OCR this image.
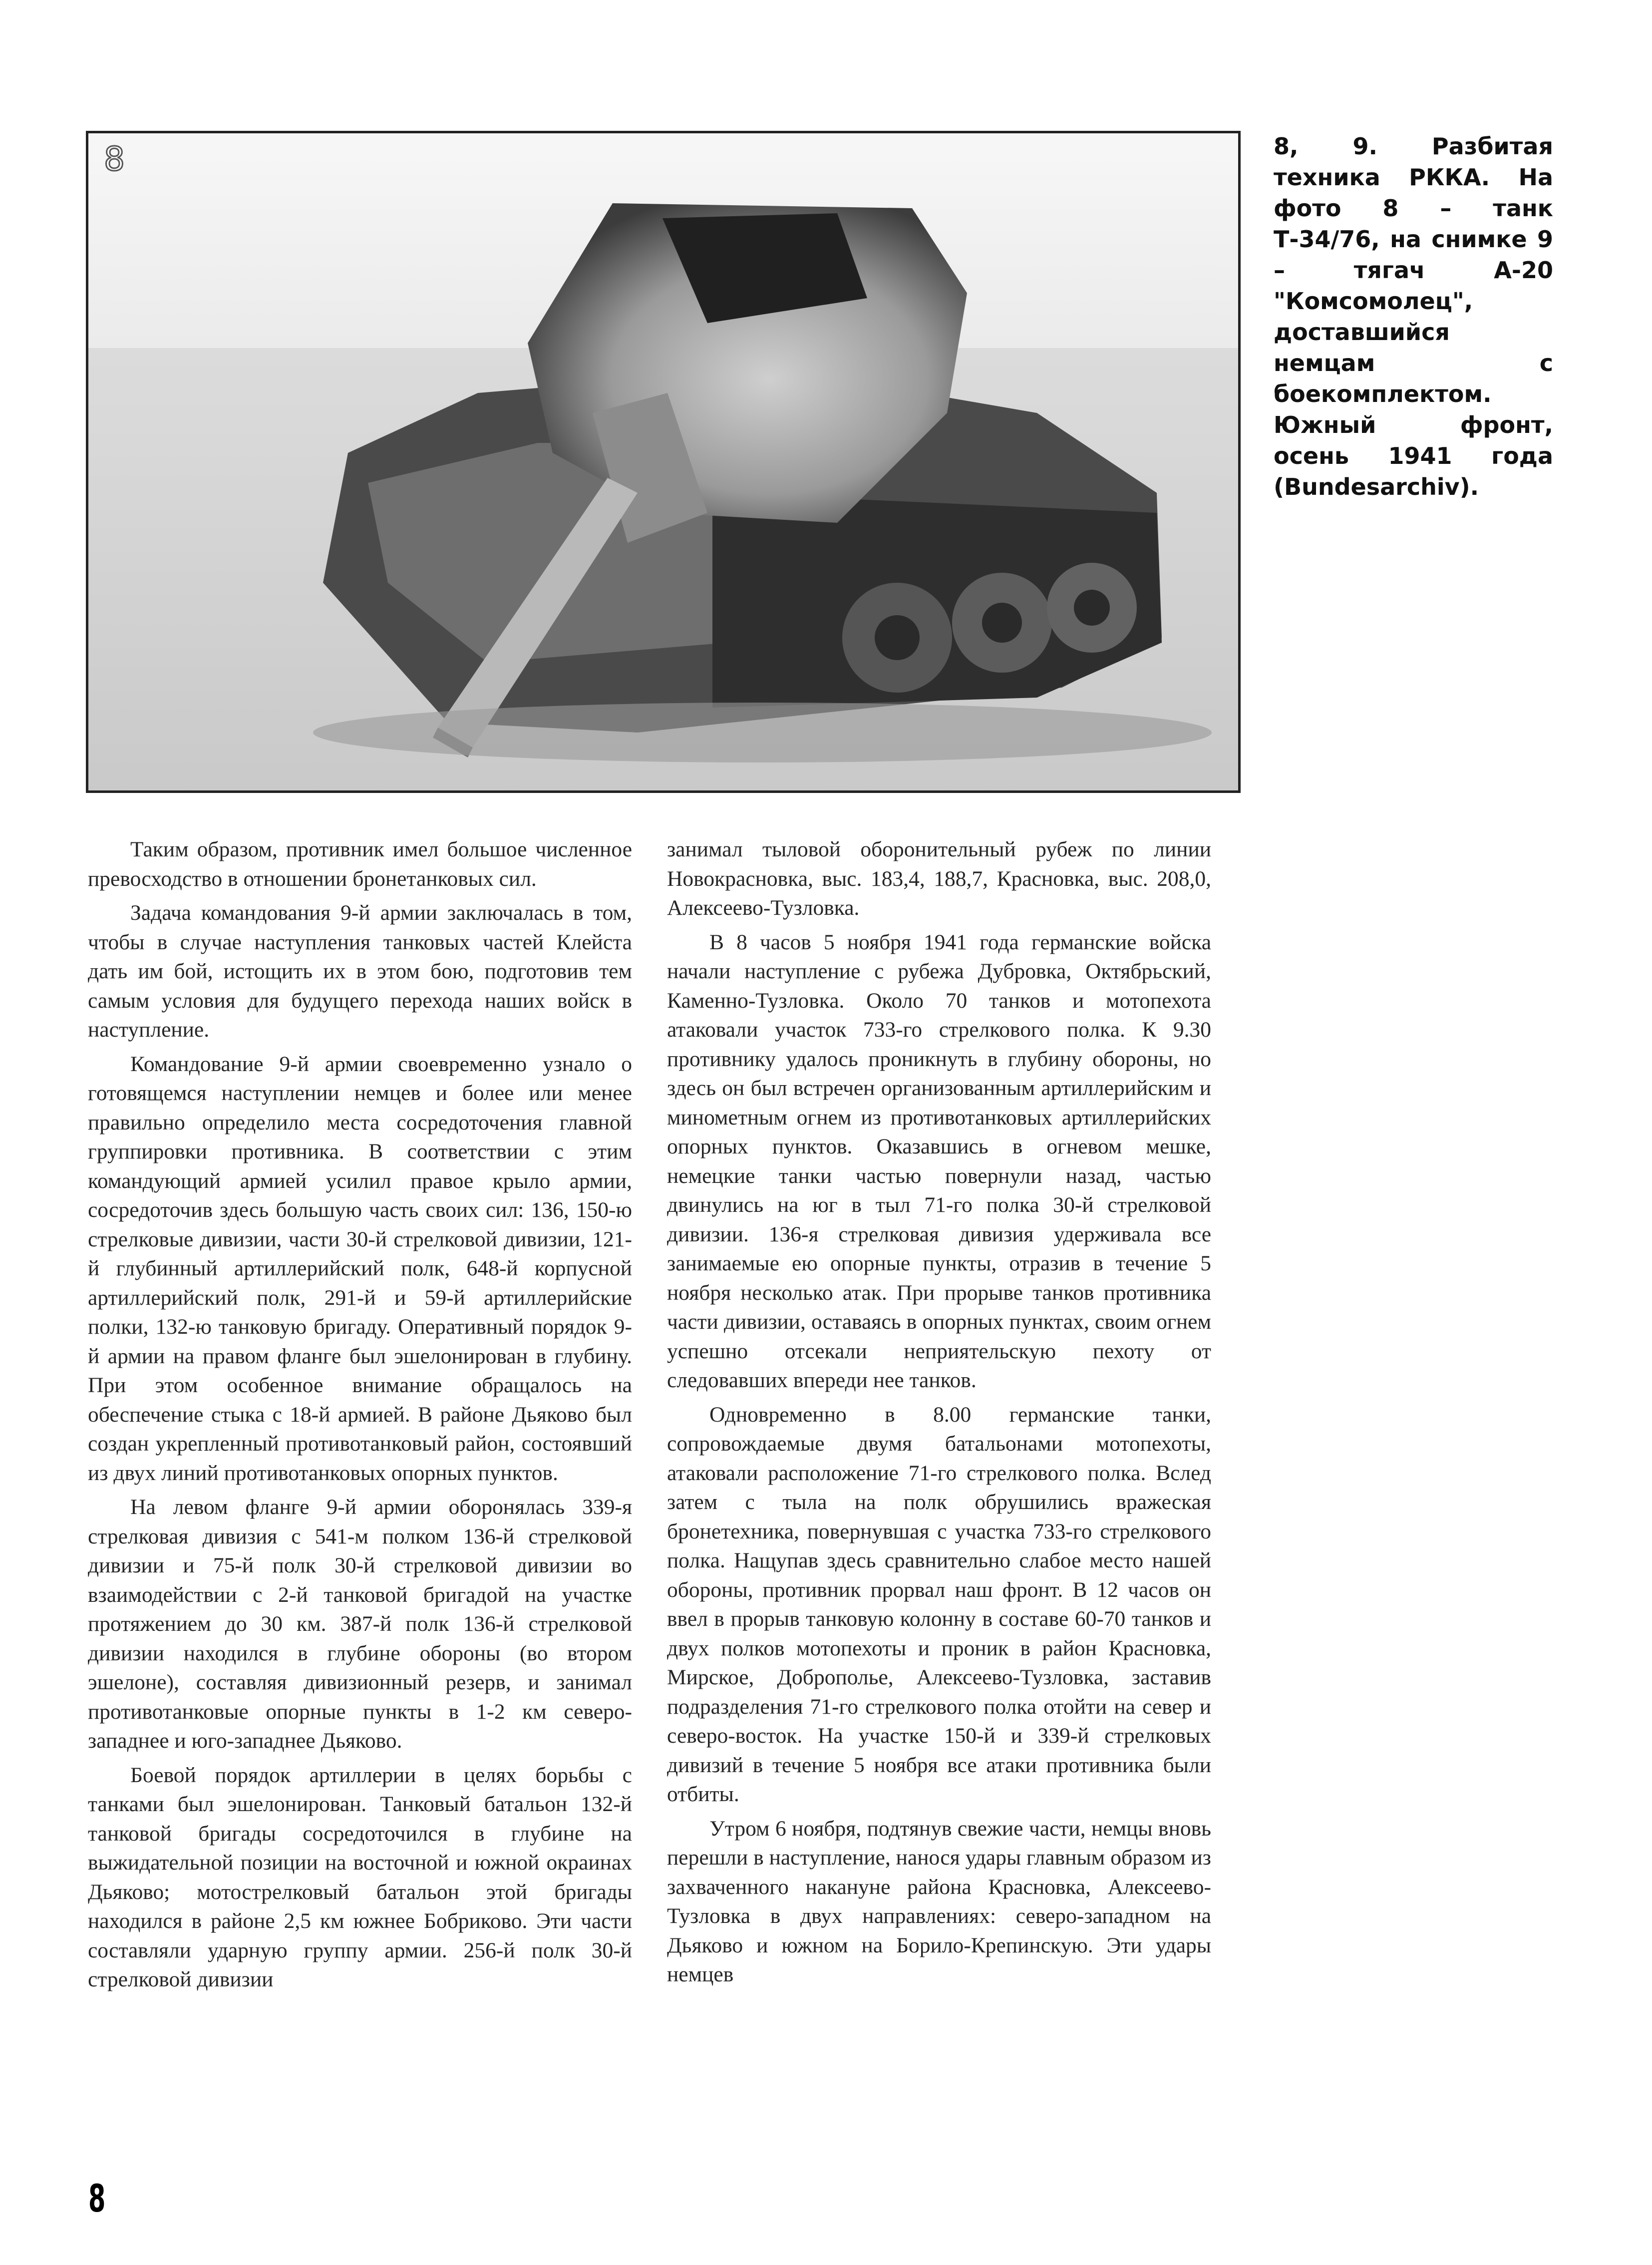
8	8, 9. Разбитая техника РККА. На фото 8 – танк Т-34/76, на снимке 9 – тягач А-20 "Комсомолец", доставшийся немцам с боекомплектом. Южный фронт, осень 1941 года (Bundesarchiv).

Таким образом, противник имел большое численное превосходство в отношении бронетанковых сил.

Задача командования 9-й армии заключалась в том, чтобы в случае наступления танковых частей Клейста дать им бой, истощить их в этом бою, подготовив тем самым условия для будущего перехода наших войск в наступление.

Командование 9-й армии своевременно узнало о готовящемся наступлении немцев и более или менее правильно определило места сосредоточения главной группировки противника. В соответствии с этим командующий армией усилил правое крыло армии, сосредоточив здесь большую часть своих сил: 136, 150-ю стрелковые дивизии, части 30-й стрелковой дивизии, 121-й глубинный артиллерийский полк, 648-й корпусной артиллерийский полк, 291-й и 59-й артиллерийские полки, 132-ю танковую бригаду. Оперативный порядок 9-й армии на правом фланге был эшелонирован в глубину. При этом особенное внимание обращалось на обеспечение стыка с 18-й армией. В районе Дьяково был создан укрепленный противотанковый район, состоявший из двух линий противотанковых опорных пунктов.

На левом фланге 9-й армии оборонялась 339-я стрелковая дивизия с 541-м полком 136-й стрелковой дивизии и 75-й полк 30-й стрелковой дивизии во взаимодействии с 2-й танковой бригадой на участке протяжением до 30 км. 387-й полк 136-й стрелковой дивизии находился в глубине обороны (во втором эшелоне), составляя дивизионный резерв, и занимал противотанковые опорные пункты в 1-2 км северо-западнее и юго-западнее Дьяково.

Боевой порядок артиллерии в целях борьбы с танками был эшелонирован. Танковый батальон 132-й танковой бригады сосредоточился в глубине на выжидательной позиции на восточной и южной окраинах Дьяково; мотострелковый батальон этой бригады находился в районе 2,5 км южнее Бобриково. Эти части составляли ударную группу армии. 256-й полк 30-й стрелковой дивизии

занимал тыловой оборонительный рубеж по линии Новокрасновка, выс. 183,4, 188,7, Красновка, выс. 208,0, Алексеево-Тузловка.

В 8 часов 5 ноября 1941 года германские войска начали наступление с рубежа Дубровка, Октябрьский, Каменно-Тузловка. Около 70 танков и мотопехота атаковали участок 733-го стрелкового полка. К 9.30 противнику удалось проникнуть в глубину обороны, но здесь он был встречен организованным артиллерийским и минометным огнем из противотанковых артиллерийских опорных пунктов. Оказавшись в огневом мешке, немецкие танки частью повернули назад, частью двинулись на юг в тыл 71-го полка 30-й стрелковой дивизии. 136-я стрелковая дивизия удерживала все занимаемые ею опорные пункты, отразив в течение 5 ноября несколько атак. При прорыве танков противника части дивизии, оставаясь в опорных пунктах, своим огнем успешно отсекали неприятельскую пехоту от следовавших впереди нее танков.

Одновременно в 8.00 германские танки, сопровождаемые двумя батальонами мотопехоты, атаковали расположение 71-го стрелкового полка. Вслед затем с тыла на полк обрушились вражеская бронетехника, повернувшая с участка 733-го стрелкового полка. Нащупав здесь сравнительно слабое место нашей обороны, противник прорвал наш фронт. В 12 часов он ввел в прорыв танковую колонну в составе 60-70 танков и двух полков мотопехоты и проник в район Красновка, Мирское, Доброполье, Алексеево-Тузловка, заставив подразделения 71-го стрелкового полка отойти на север и северо-восток. На участке 150-й и 339-й стрелковых дивизий в течение 5 ноября все атаки противника были отбиты.

Утром 6 ноября, подтянув свежие части, немцы вновь перешли в наступление, нанося удары главным образом из захваченного накануне района Красновка, Алексеево-Тузловка в двух направлениях: северо-западном на Дьяково и южном на Борило-Крепинскую. Эти удары немцев

8
